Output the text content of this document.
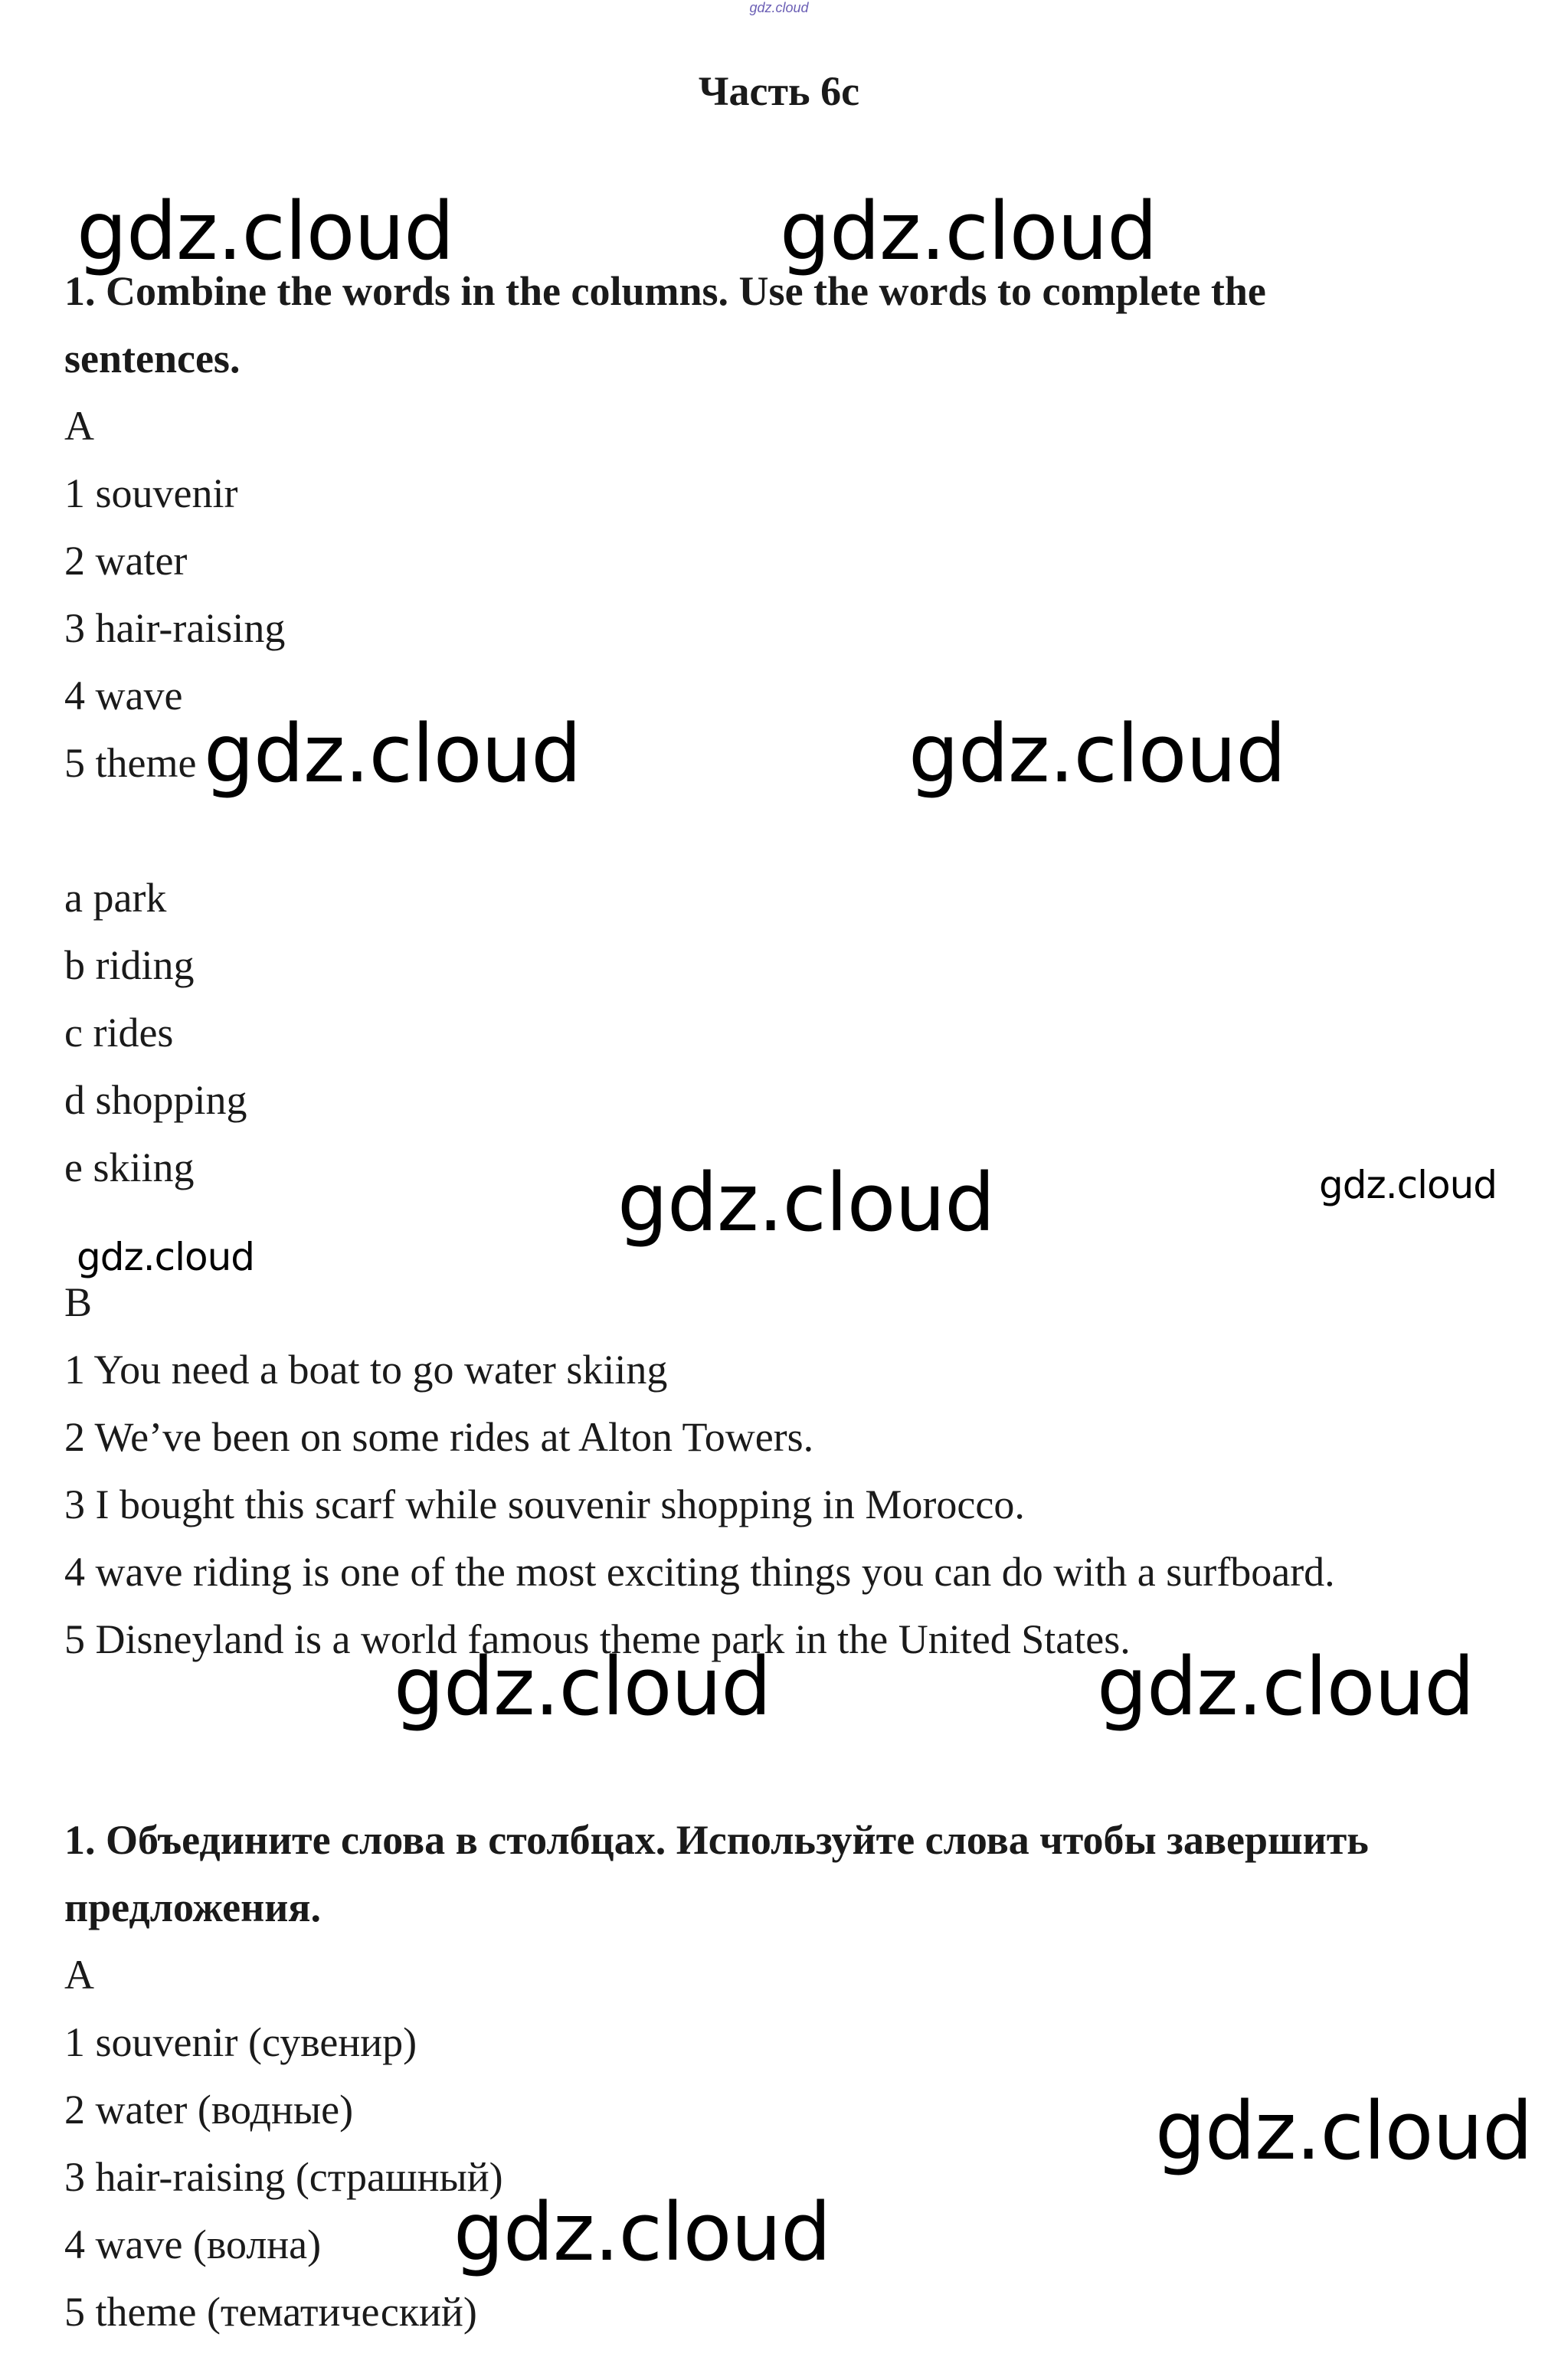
gdz.cloud
Часть 6c
1. Combine the words in the columns. Use the words to complete the
sentences.
A
1 souvenir
2 water
3 hair-raising
4 wave
5 theme
a park
b riding
c rides
d shopping
e skiing
B
1 You need a boat to go water skiing
2 We’ve been on some rides at Alton Towers.
3 I bought this scarf while souvenir shopping in Morocco.
4 wave riding is one of the most exciting things you can do with a surfboard.
5 Disneyland is a world famous theme park in the United States.
1. Объедините слова в столбцах. Используйте слова чтобы завершить
предложения.
A
1 souvenir (сувенир)
2 water (водные)
3 hair-raising (страшный)
4 wave (волна)
5 theme (тематический)
gdz.cloud	gdz.cloud
gdz.cloud	gdz.cloud
gdz.cloud	gdz.cloud
gdz.cloud
gdz.cloud	gdz.cloud
gdz.cloud
gdz.cloud
